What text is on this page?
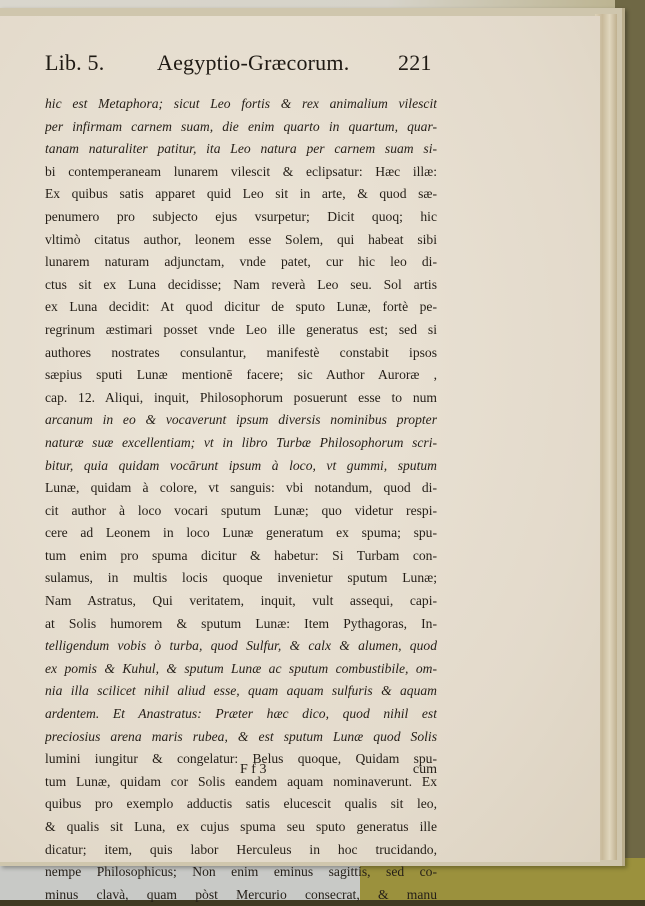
Lib. 5. Aegyptio-Græcorum. 221
hic est Metaphora; sicut Leo fortis & rex animalium vilescit
per infirmam carnem suam, die enim quarto in quartum, quar-
tanam naturaliter patitur, ita Leo natura per carnem suam si-
bi contemperaneam lunarem vilescit & eclipsatur: Hæc illæ:
Ex quibus satis apparet quid Leo sit in arte, & quod sæ-
penumero pro subjecto ejus vsurpetur; Dicit quoq; hic
vltimò citatus author, leonem esse Solem, qui habeat sibi
lunarem naturam adjunctam, vnde patet, cur hic leo di-
ctus sit ex Luna decidisse; Nam reverà Leo seu. Sol artis
ex Luna decidit: At quod dicitur de sputo Lunæ, fortè pe-
regrinum æstimari posset vnde Leo ille generatus est; sed si
authores nostrates consulantur, manifestè constabit ipsos
sæpius sputi Lunæ mentionē facere; sic Author Auroræ ,
cap. 12. Aliqui, inquit, Philosophorum posuerunt esse to num
arcanum in eo & vocaverunt ipsum diversis nominibus propter
naturæ suæ excellentiam; vt in libro Turbæ Philosophorum scri-
bitur, quia quidam vocārunt ipsum à loco, vt gummi, sputum
Lunæ, quidam à colore, vt sanguis: vbi notandum, quod di-
cit author à loco vocari sputum Lunæ; quo videtur respi-
cere ad Leonem in loco Lunæ generatum ex spuma; spu-
tum enim pro spuma dicitur & habetur: Si Turbam con-
sulamus, in multis locis quoque invenietur sputum Lunæ;
Nam Astratus, Qui veritatem, inquit, vult assequi, capi-
at Solis humorem & sputum Lunæ: Item Pythagoras, In-
telligendum vobis ò turba, quod Sulfur, & calx & alumen, quod
ex pomis & Kuhul, & sputum Lunæ ac sputum combustibile, om-
nia illa scilicet nihil aliud esse, quam aquam sulfuris & aquam
ardentem. Et Anastratus: Præter hæc dico, quod nihil est
preciosius arena maris rubea, & est sputum Lunæ quod Solis
lumini iungitur & congelatur: Belus quoque, Quidam spu-
tum Lunæ, quidam cor Solis eandem aquam nominaverunt. Ex
quibus pro exemplo adductis satis elucescit qualis sit leo,
& qualis sit Luna, ex cujus spuma seu sputo generatus ille
dicatur; item, quis labor Herculeus in hoc trucidando,
nempe Philosophicus; Non enim eminus sagittis, sed co-
minus clavà, quam pòst Mercurio consecrat, & manu
F f 3	cum
